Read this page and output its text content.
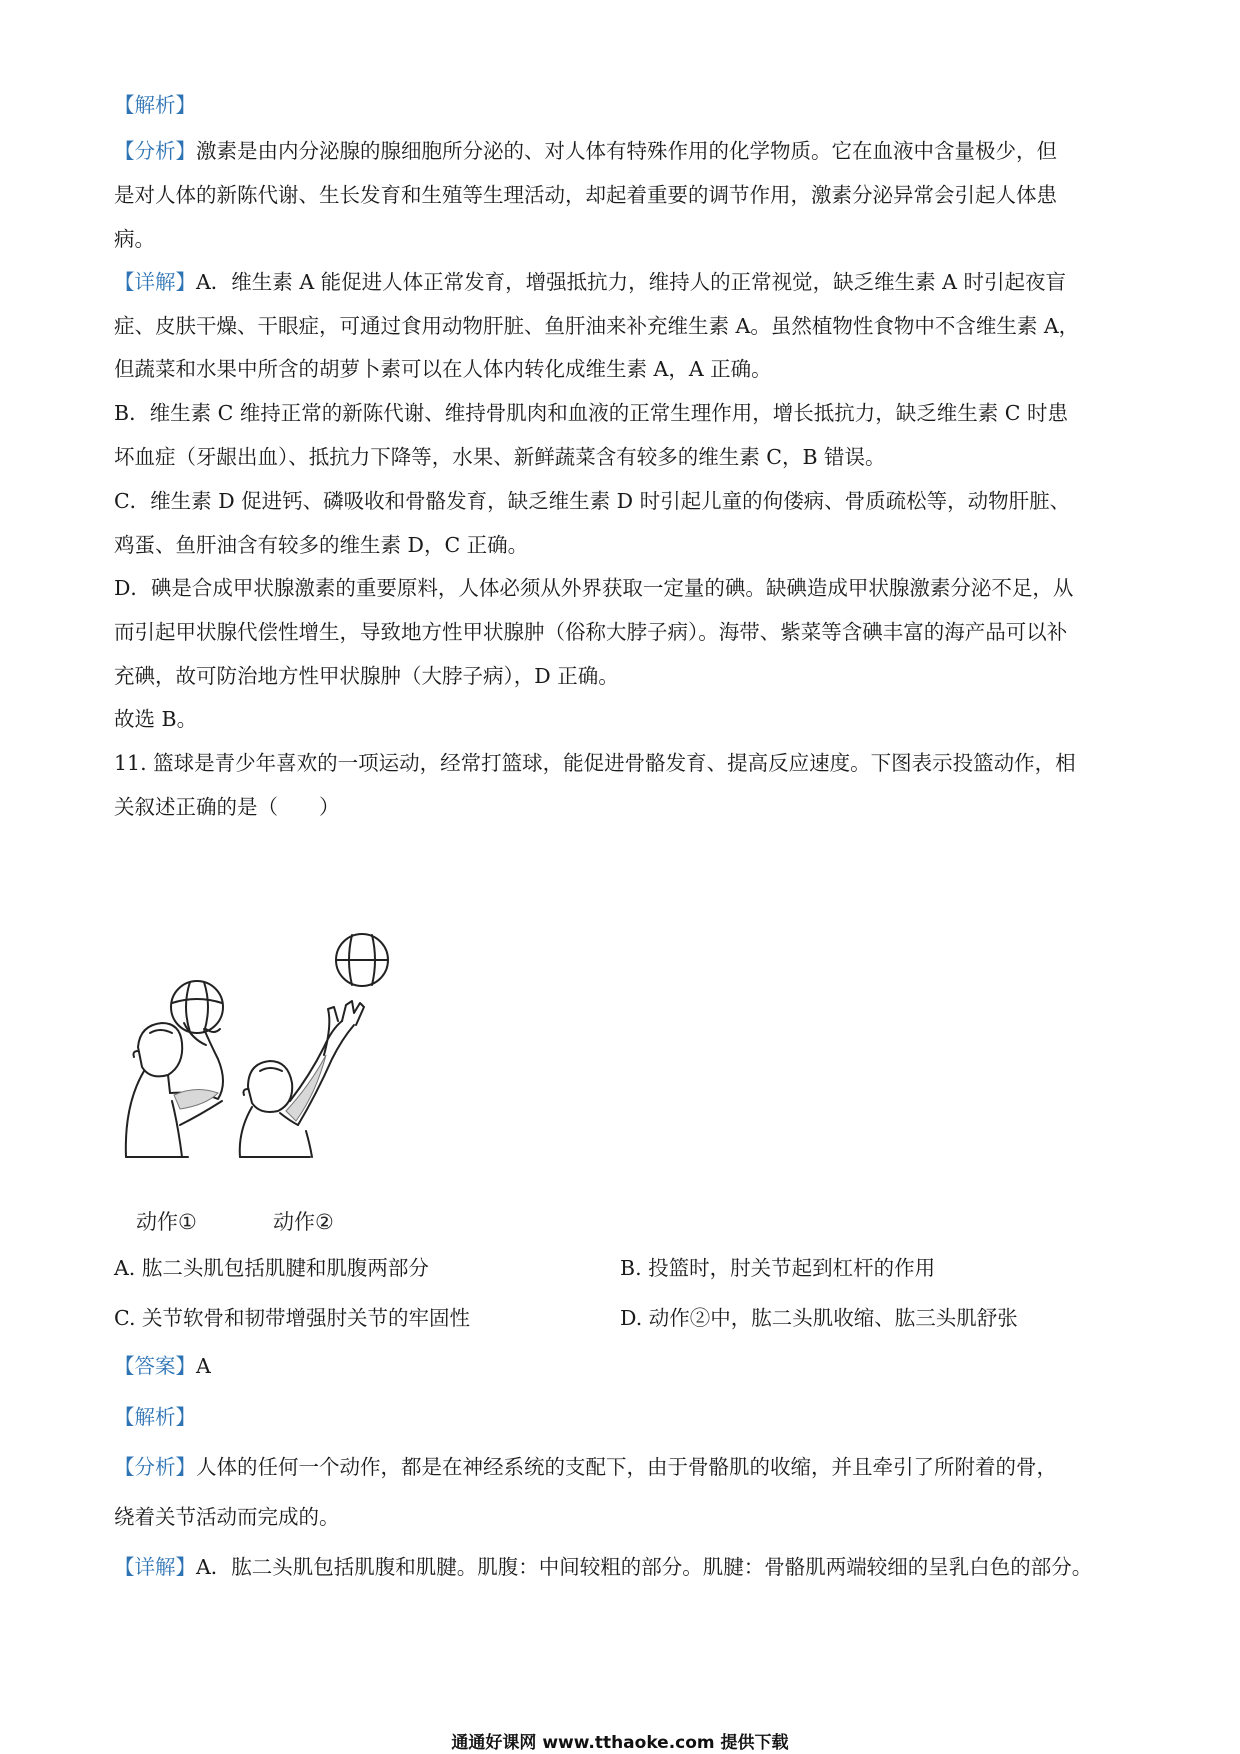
【解析】
【分析】激素是由内分泌腺的腺细胞所分泌的、对人体有特殊作用的化学物质。它在血液中含量极少，但
是对人体的新陈代谢、生长发育和生殖等生理活动，却起着重要的调节作用，激素分泌异常会引起人体患
病。
【详解】A．维生素 A 能促进人体正常发育，增强抵抗力，维持人的正常视觉，缺乏维生素 A 时引起夜盲
症、皮肤干燥、干眼症，可通过食用动物肝脏、鱼肝油来补充维生素 A。虽然植物性食物中不含维生素 A，
但蔬菜和水果中所含的胡萝卜素可以在人体内转化成维生素 A，A 正确。
B．维生素 C 维持正常的新陈代谢、维持骨肌肉和血液的正常生理作用，增长抵抗力，缺乏维生素 C 时患
坏血症（牙龈出血）、抵抗力下降等，水果、新鲜蔬菜含有较多的维生素 C，B 错误。
C．维生素 D 促进钙、磷吸收和骨骼发育，缺乏维生素 D 时引起儿童的佝偻病、骨质疏松等，动物肝脏、
鸡蛋、鱼肝油含有较多的维生素 D，C 正确。
D．碘是合成甲状腺激素的重要原料，人体必须从外界获取一定量的碘。缺碘造成甲状腺激素分泌不足，从
而引起甲状腺代偿性增生，导致地方性甲状腺肿（俗称大脖子病）。海带、紫菜等含碘丰富的海产品可以补
充碘，故可防治地方性甲状腺肿（大脖子病），D 正确。
故选 B。
11. 篮球是青少年喜欢的一项运动，经常打篮球，能促进骨骼发育、提高反应速度。下图表示投篮动作，相
关叙述正确的是（　　）
动作①	动作②
A. 肱二头肌包括肌腱和肌腹两部分	B. 投篮时，肘关节起到杠杆的作用
C. 关节软骨和韧带增强肘关节的牢固性	D. 动作②中，肱二头肌收缩、肱三头肌舒张
【答案】A
【解析】
【分析】人体的任何一个动作，都是在神经系统的支配下，由于骨骼肌的收缩，并且牵引了所附着的骨，
绕着关节活动而完成的。
【详解】A．肱二头肌包括肌腹和肌腱。肌腹：中间较粗的部分。肌腱：骨骼肌两端较细的呈乳白色的部分。
通通好课网 www.tthaoke.com 提供下载
